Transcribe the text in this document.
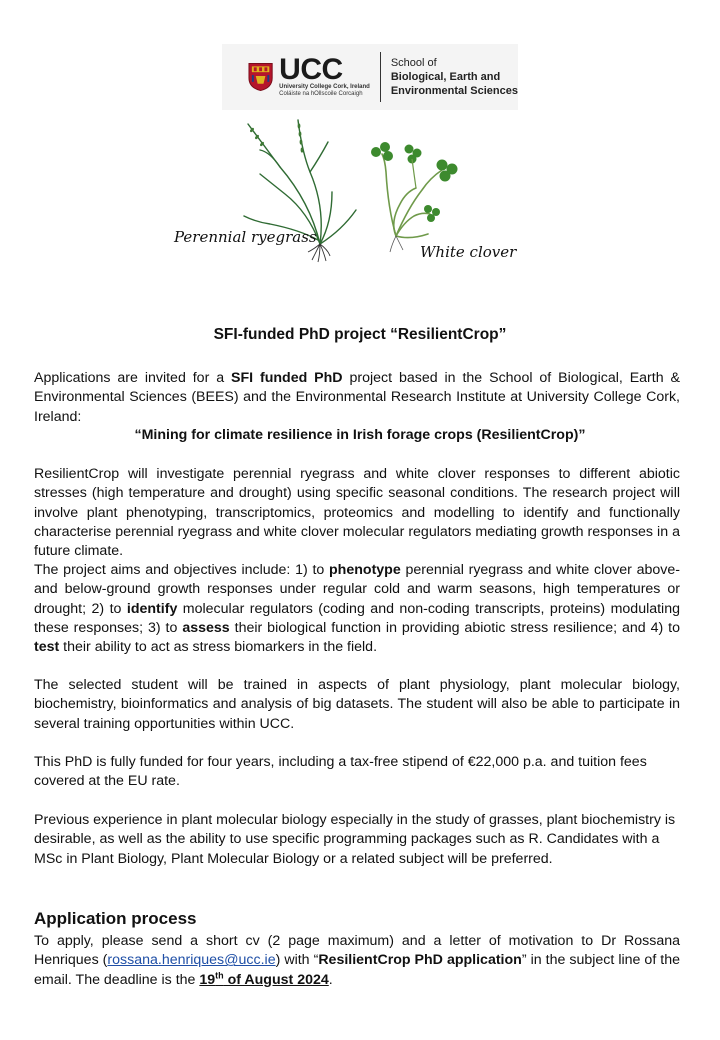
UCC
University College Cork, Ireland
Coláiste na hOllscoile Corcaigh
School of
Biological, Earth and
Environmental Sciences
Perennial ryegrass
White clover
SFI-funded PhD project “ResilientCrop”
Applications are invited for a SFI funded PhD project based in the School of Biological, Earth & Environmental Sciences (BEES) and the Environmental Research Institute at University College Cork, Ireland:
“Mining for climate resilience in Irish forage crops (ResilientCrop)”
ResilientCrop will investigate perennial ryegrass and white clover responses to different abiotic stresses (high temperature and drought) using specific seasonal conditions. The research project will involve plant phenotyping, transcriptomics, proteomics and modelling to identify and functionally characterise perennial ryegrass and white clover molecular regulators mediating growth responses in a future climate.
The project aims and objectives include: 1) to phenotype perennial ryegrass and white clover above- and below-ground growth responses under regular cold and warm seasons, high temperatures or drought; 2) to identify molecular regulators (coding and non-coding transcripts, proteins) modulating these responses; 3) to assess their biological function in providing abiotic stress resilience; and 4) to test their ability to act as stress biomarkers in the field.
The selected student will be trained in aspects of plant physiology, plant molecular biology, biochemistry, bioinformatics and analysis of big datasets. The student will also be able to participate in several training opportunities within UCC.
This PhD is fully funded for four years, including a tax-free stipend of €22,000 p.a. and tuition fees covered at the EU rate.
Previous experience in plant molecular biology especially in the study of grasses, plant biochemistry is desirable, as well as the ability to use specific programming packages such as R. Candidates with a MSc in Plant Biology, Plant Molecular Biology or a related subject will be preferred.
Application process
To apply, please send a short cv (2 page maximum) and a letter of motivation to Dr Rossana Henriques (rossana.henriques@ucc.ie) with “ResilientCrop PhD application” in the subject line of the email. The deadline is the 19th of August 2024.
